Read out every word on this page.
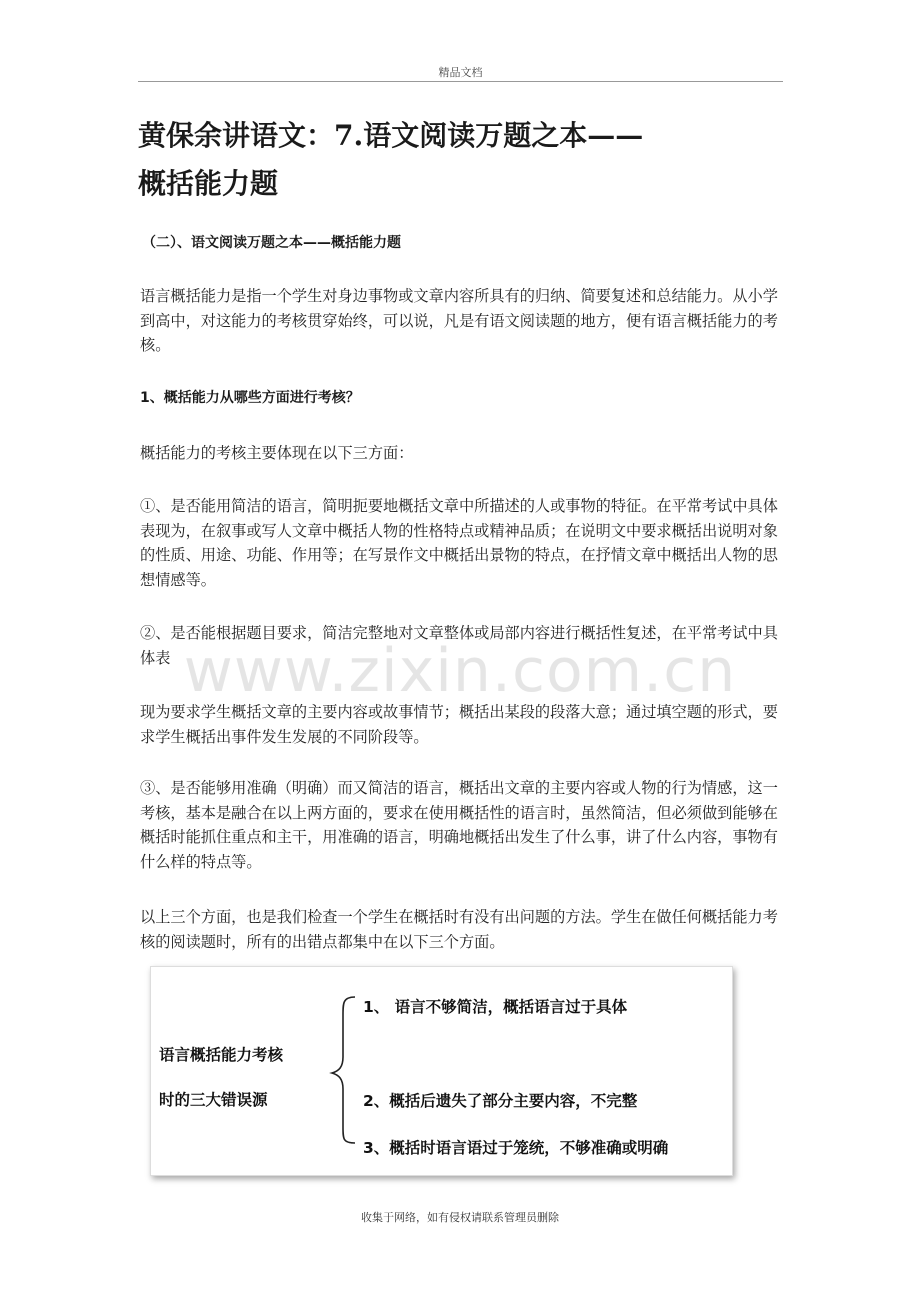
精品文档
黄保余讲语文：7.语文阅读万题之本——
概括能力题

（二）、语文阅读万题之本——概括能力题

语言概括能力是指一个学生对身边事物或文章内容所具有的归纳、简要复述和总结能力。从小学到高中，对这能力的考核贯穿始终，可以说，凡是有语文阅读题的地方，便有语言概括能力的考核。

1、概括能力从哪些方面进行考核？

概括能力的考核主要体现在以下三方面：

①、是否能用简洁的语言，简明扼要地概括文章中所描述的人或事物的特征。在平常考试中具体表现为，在叙事或写人文章中概括人物的性格特点或精神品质；在说明文中要求概括出说明对象的性质、用途、功能、作用等；在写景作文中概括出景物的特点，在抒情文章中概括出人物的思想情感等。

②、是否能根据题目要求，简洁完整地对文章整体或局部内容进行概括性复述，在平常考试中具体表 www.zixin.com.cn

现为要求学生概括文章的主要内容或故事情节；概括出某段的段落大意；通过填空题的形式，要求学生概括出事件发生发展的不同阶段等。

③、是否能够用准确（明确）而又简洁的语言，概括出文章的主要内容或人物的行为情感，这一考核，基本是融合在以上两方面的，要求在使用概括性的语言时，虽然简洁，但必须做到能够在概括时能抓住重点和主干，用准确的语言，明确地概括出发生了什么事，讲了什么内容，事物有什么样的特点等。

以上三个方面，也是我们检查一个学生在概括时有没有出问题的方法。学生在做任何概括能力考核的阅读题时，所有的出错点都集中在以下三个方面。

语言概括能力考核
时的三大错误源
1、 语言不够简洁，概括语言过于具体
2、概括后遗失了部分主要内容，不完整
3、概括时语言语过于笼统，不够准确或明确
收集于网络，如有侵权请联系管理员删除
